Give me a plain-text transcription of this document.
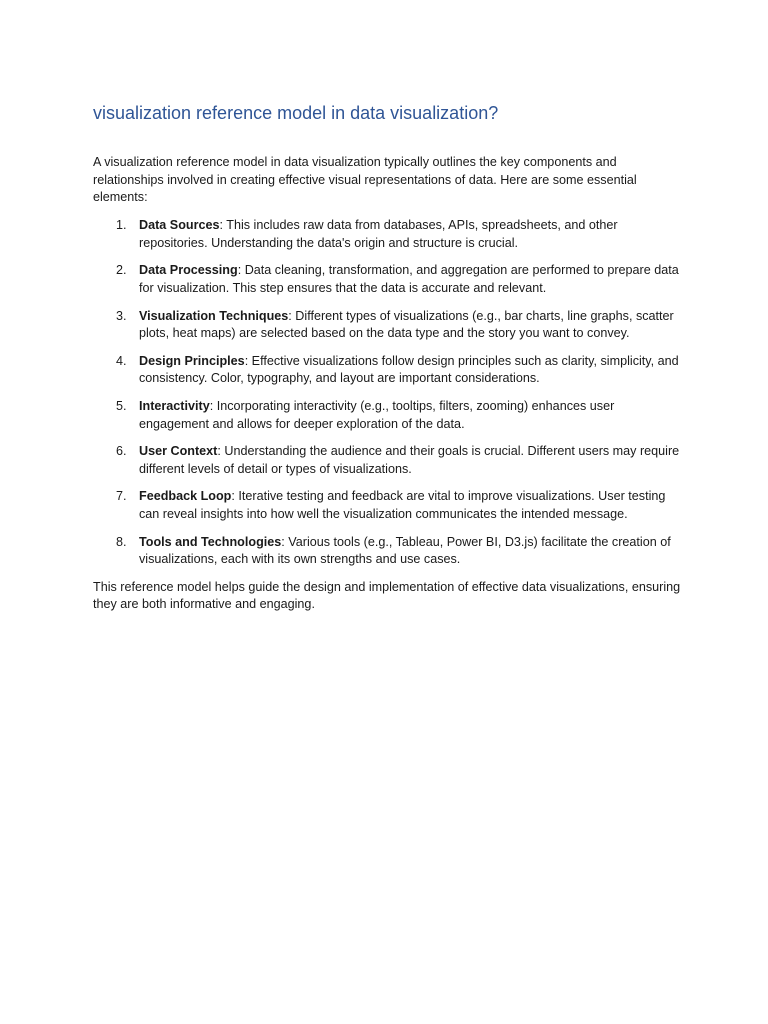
visualization reference model in data visualization?

A visualization reference model in data visualization typically outlines the key components and relationships involved in creating effective visual representations of data. Here are some essential elements:

1. Data Sources: This includes raw data from databases, APIs, spreadsheets, and other repositories. Understanding the data's origin and structure is crucial.
2. Data Processing: Data cleaning, transformation, and aggregation are performed to prepare data for visualization. This step ensures that the data is accurate and relevant.
3. Visualization Techniques: Different types of visualizations (e.g., bar charts, line graphs, scatter plots, heat maps) are selected based on the data type and the story you want to convey.
4. Design Principles: Effective visualizations follow design principles such as clarity, simplicity, and consistency. Color, typography, and layout are important considerations.
5. Interactivity: Incorporating interactivity (e.g., tooltips, filters, zooming) enhances user engagement and allows for deeper exploration of the data.
6. User Context: Understanding the audience and their goals is crucial. Different users may require different levels of detail or types of visualizations.
7. Feedback Loop: Iterative testing and feedback are vital to improve visualizations. User testing can reveal insights into how well the visualization communicates the intended message.
8. Tools and Technologies: Various tools (e.g., Tableau, Power BI, D3.js) facilitate the creation of visualizations, each with its own strengths and use cases.

This reference model helps guide the design and implementation of effective data visualizations, ensuring they are both informative and engaging.
